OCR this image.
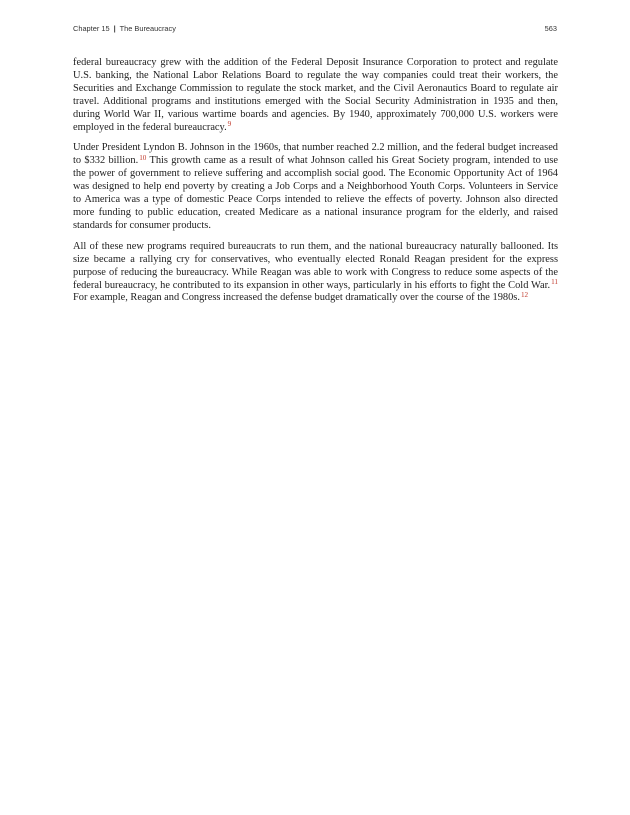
Chapter 15 | The Bureaucracy	563

federal bureaucracy grew with the addition of the Federal Deposit Insurance Corporation to protect and regulate U.S. banking, the National Labor Relations Board to regulate the way companies could treat their workers, the Securities and Exchange Commission to regulate the stock market, and the Civil Aeronautics Board to regulate air travel. Additional programs and institutions emerged with the Social Security Administration in 1935 and then, during World War II, various wartime boards and agencies. By 1940, approximately 700,000 U.S. workers were employed in the federal bureaucracy.$^9$

Under President Lyndon B. Johnson in the 1960s, that number reached 2.2 million, and the federal budget increased to $332 billion.$^{10}$ This growth came as a result of what Johnson called his Great Society program, intended to use the power of government to relieve suffering and accomplish social good. The Economic Opportunity Act of 1964 was designed to help end poverty by creating a Job Corps and a Neighborhood Youth Corps. Volunteers in Service to America was a type of domestic Peace Corps intended to relieve the effects of poverty. Johnson also directed more funding to public education, created Medicare as a national insurance program for the elderly, and raised standards for consumer products.

All of these new programs required bureaucrats to run them, and the national bureaucracy naturally ballooned. Its size became a rallying cry for conservatives, who eventually elected Ronald Reagan president for the express purpose of reducing the bureaucracy. While Reagan was able to work with Congress to reduce some aspects of the federal bureaucracy, he contributed to its expansion in other ways, particularly in his efforts to fight the Cold War.$^{11}$ For example, Reagan and Congress increased the defense budget dramatically over the course of the 1980s.$^{12}$
